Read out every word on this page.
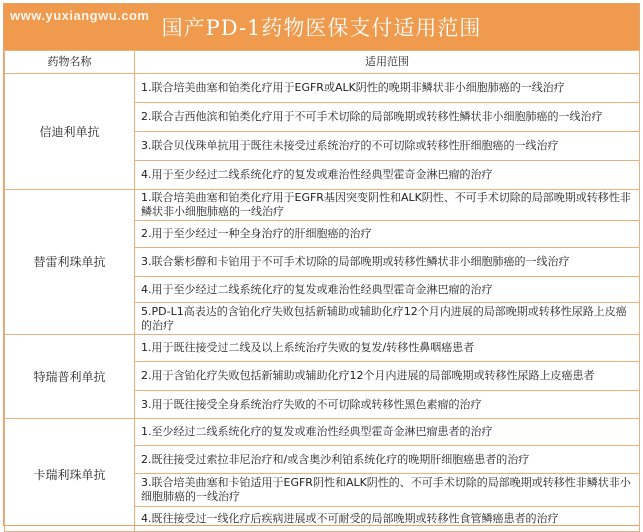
www.yuxiangwu.com
国产PD-1药物医保支付适用范围
药物名称	适用范围
信迪利单抗	1.联合培美曲塞和铂类化疗用于EGFR或ALK阴性的晚期非鳞状非小细胞肺癌的一线治疗
	2.联合吉西他滨和铂类化疗用于不可手术切除的局部晚期或转移性鳞状非小细胞肺癌的一线治疗
	3.联合贝伐珠单抗用于既往未接受过系统治疗的不可切除或转移性肝细胞癌的一线治疗
	4.用于至少经过二线系统化疗的复发或难治性经典型霍奇金淋巴瘤的治疗
替雷利珠单抗	1.联合培美曲塞和铂类化疗用于EGFR基因突变阴性和ALK阴性、不可手术切除的局部晚期或转移性非鳞状非小细胞肺癌的一线治疗
	2.用于至少经过一种全身治疗的肝细胞癌的治疗
	3.联合紫杉醇和卡铂用于不可手术切除的局部晚期或转移性鳞状非小细胞肺癌的一线治疗
	4.用于至少经过二线系统化疗的复发或难治性经典型霍奇金淋巴瘤的治疗
	5.PD-L1高表达的含铂化疗失败包括新辅助或辅助化疗12个月内进展的局部晚期或转移性尿路上皮癌的治疗
特瑞普利单抗	1.用于既往接受过二线及以上系统治疗失败的复发/转移性鼻咽癌患者
	2.用于含铂化疗失败包括新辅助或辅助化疗12个月内进展的局部晚期或转移性尿路上皮癌患者
	3.用于既往接受全身系统治疗失败的不可切除或转移性黑色素瘤的治疗
卡瑞利珠单抗	1.至少经过二线系统化疗的复发或难治性经典型霍奇金淋巴瘤患者的治疗
	2.既往接受过索拉非尼治疗和/或含奥沙利铂系统化疗的晚期肝细胞癌患者的治疗
	3.联合培美曲塞和卡铂适用于EGFR阴性和ALK阴性的、不可手术切除的局部晚期或转移性非鳞状非小细胞肺癌的一线治疗
	4.既往接受过一线化疗后疾病进展或不可耐受的局部晚期或转移性食管鳞癌患者的治疗
